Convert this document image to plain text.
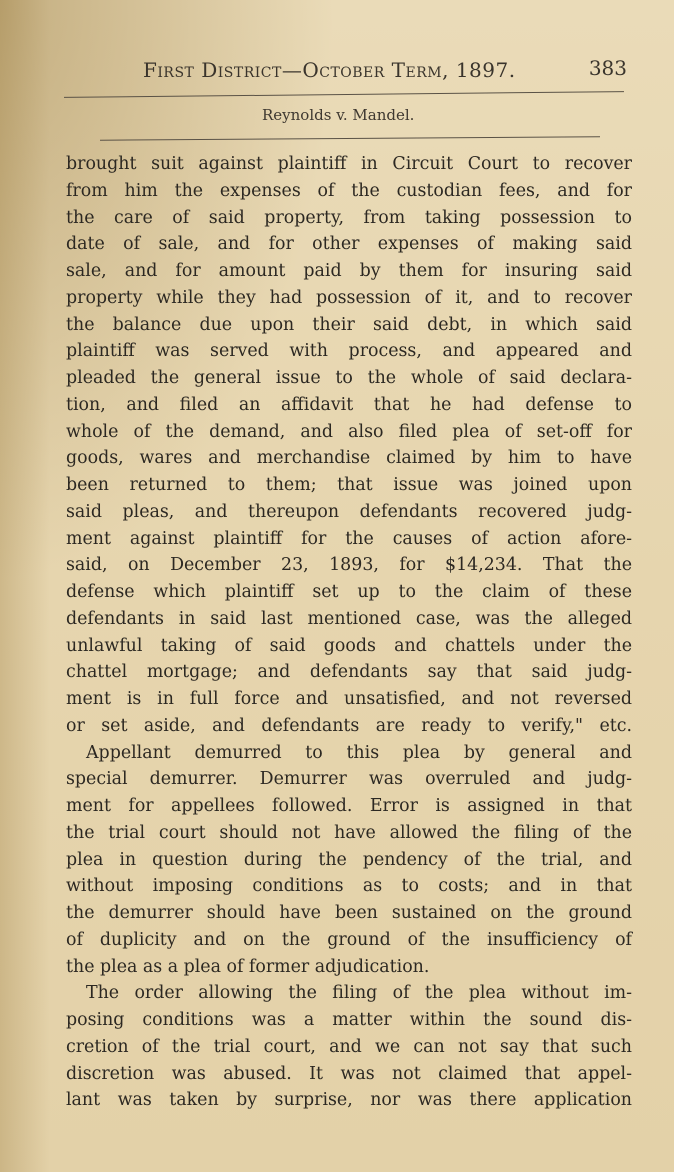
First District—October Term, 1897.	383
Reynolds v. Mandel.
brought suit against plaintiff in Circuit Court to recover
from him the expenses of the custodian fees, and for
the care of said property, from taking possession to
date of sale, and for other expenses of making said
sale, and for amount paid by them for insuring said
property while they had possession of it, and to recover
the balance due upon their said debt, in which said
plaintiff was served with process, and appeared and
pleaded the general issue to the whole of said declara-
tion, and filed an affidavit that he had defense to
whole of the demand, and also filed plea of set-off for
goods, wares and merchandise claimed by him to have
been returned to them; that issue was joined upon
said pleas, and thereupon defendants recovered judg-
ment against plaintiff for the causes of action afore-
said, on December 23, 1893, for $14,234. That the
defense which plaintiff set up to the claim of these
defendants in said last mentioned case, was the alleged
unlawful taking of said goods and chattels under the
chattel mortgage; and defendants say that said judg-
ment is in full force and unsatisfied, and not reversed
or set aside, and defendants are ready to verify," etc.
Appellant demurred to this plea by general and
special demurrer. Demurrer was overruled and judg-
ment for appellees followed. Error is assigned in that
the trial court should not have allowed the filing of the
plea in question during the pendency of the trial, and
without imposing conditions as to costs; and in that
the demurrer should have been sustained on the ground
of duplicity and on the ground of the insufficiency of
the plea as a plea of former adjudication.
The order allowing the filing of the plea without im-
posing conditions was a matter within the sound dis-
cretion of the trial court, and we can not say that such
discretion was abused. It was not claimed that appel-
lant was taken by surprise, nor was there application
